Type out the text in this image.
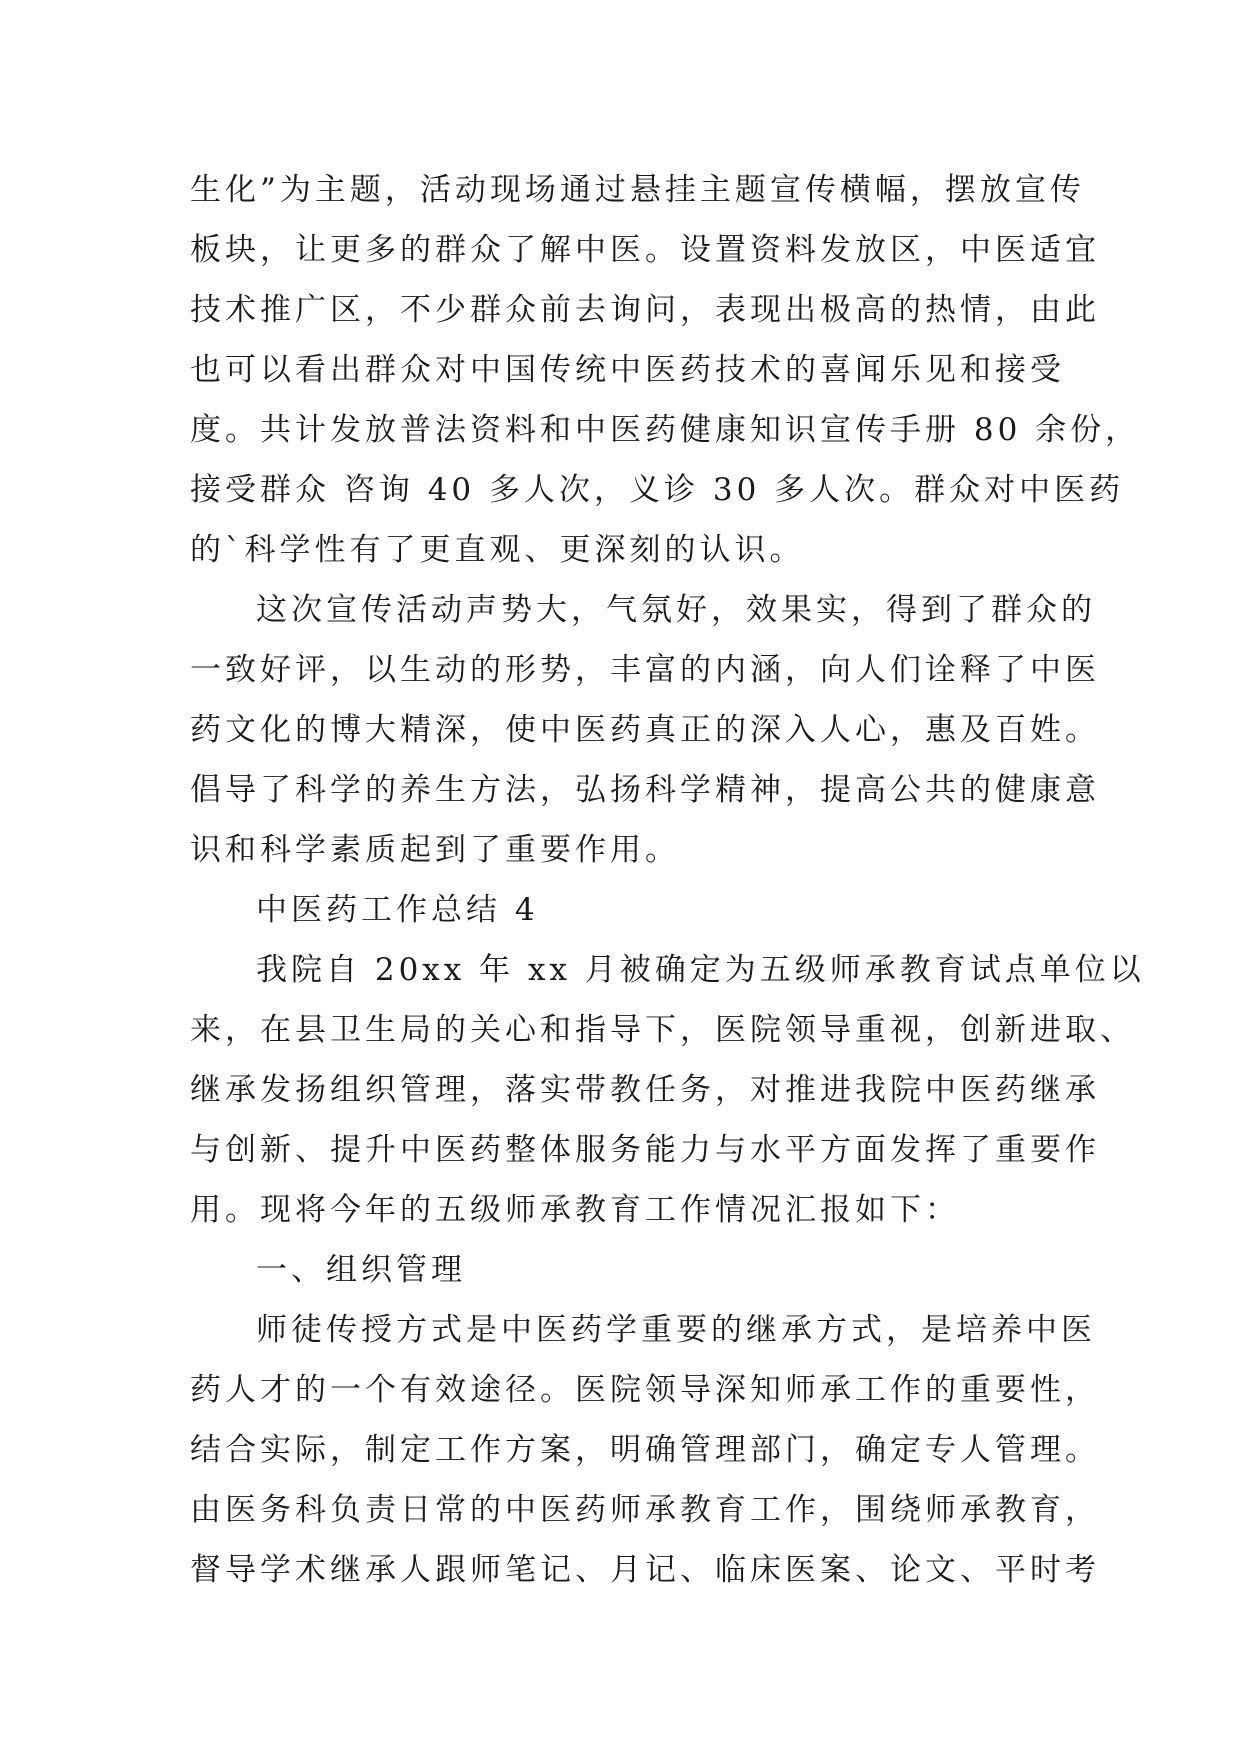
生化”为主题，活动现场通过悬挂主题宣传横幅，摆放宣传
板块，让更多的群众了解中医。设置资料发放区，中医适宜
技术推广区，不少群众前去询问，表现出极高的热情，由此
也可以看出群众对中国传统中医药技术的喜闻乐见和接受
度。共计发放普法资料和中医药健康知识宣传手册 80 余份，
接受群众 咨询 40 多人次，义诊 30 多人次。群众对中医药
的`科学性有了更直观、更深刻的认识。
这次宣传活动声势大，气氛好，效果实，得到了群众的
一致好评，以生动的形势，丰富的内涵，向人们诠释了中医
药文化的博大精深，使中医药真正的深入人心，惠及百姓。
倡导了科学的养生方法，弘扬科学精神，提高公共的健康意
识和科学素质起到了重要作用。
中医药工作总结 4
我院自 20xx 年 xx 月被确定为五级师承教育试点单位以
来，在县卫生局的关心和指导下，医院领导重视，创新进取、
继承发扬组织管理，落实带教任务，对推进我院中医药继承
与创新、提升中医药整体服务能力与水平方面发挥了重要作
用。现将今年的五级师承教育工作情况汇报如下：
一、组织管理
师徒传授方式是中医药学重要的继承方式，是培养中医
药人才的一个有效途径。医院领导深知师承工作的重要性，
结合实际，制定工作方案，明确管理部门，确定专人管理。
由医务科负责日常的中医药师承教育工作，围绕师承教育，
督导学术继承人跟师笔记、月记、临床医案、论文、平时考
